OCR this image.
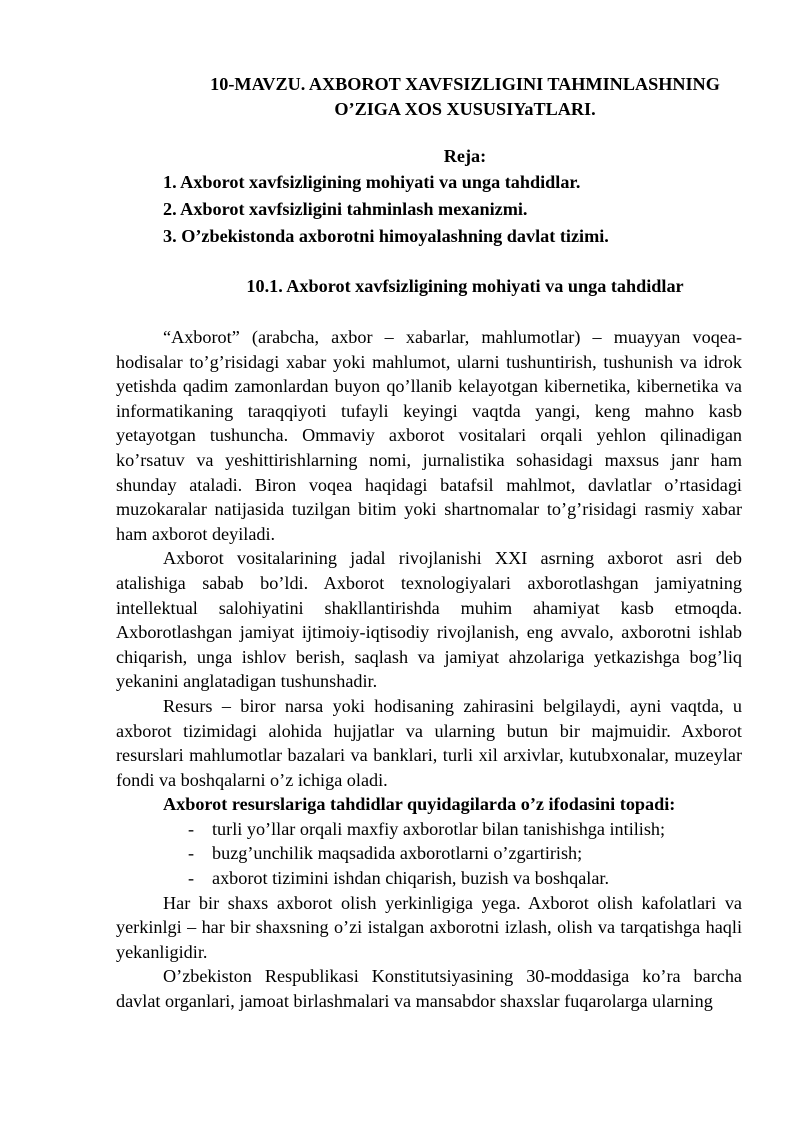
10-MAVZU. AXBOROT XAVFSIZLIGINI TAHMINLASHNING
O’ZIGA XOS XUSUSIYaTLARI.

Reja:

1. Axborot xavfsizligining mohiyati va unga tahdidlar.
2. Axborot xavfsizligini tahminlash mexanizmi.
3. O’zbekistonda axborotni himoyalashning davlat tizimi.

10.1. Axborot xavfsizligining mohiyati va unga tahdidlar

“Axborot” (arabcha, axbor – xabarlar, mahlumotlar) – muayyan voqea-hodisalar to’g’risidagi xabar yoki mahlumot, ularni tushuntirish, tushunish va idrok yetishda qadim zamonlardan buyon qo’llanib kelayotgan kibernetika, kibernetika va informatikaning taraqqiyoti tufayli keyingi vaqtda yangi, keng mahno kasb yetayotgan tushuncha. Ommaviy axborot vositalari orqali yehlon qilinadigan ko’rsatuv va yeshittirishlarning nomi, jurnalistika sohasidagi maxsus janr ham shunday ataladi. Biron voqea haqidagi batafsil mahlmot, davlatlar o’rtasidagi muzokaralar natijasida tuzilgan bitim yoki shartnomalar to’g’risidagi rasmiy xabar ham axborot deyiladi.

Axborot vositalarining jadal rivojlanishi XXI asrning axborot asri deb atalishiga sabab bo’ldi. Axborot texnologiyalari axborotlashgan jamiyatning intellektual salohiyatini shakllantirishda muhim ahamiyat kasb etmoqda. Axborotlashgan jamiyat ijtimoiy-iqtisodiy rivojlanish, eng avvalo, axborotni ishlab chiqarish, unga ishlov berish, saqlash va jamiyat ahzolariga yetkazishga bog’liq yekanini anglatadigan tushunshadir.

Resurs – biror narsa yoki hodisaning zahirasini belgilaydi, ayni vaqtda, u axborot tizimidagi alohida hujjatlar va ularning butun bir majmuidir. Axborot resurslari mahlumotlar bazalari va banklari, turli xil arxivlar, kutubxonalar, muzeylar fondi va boshqalarni o’z ichiga oladi.

Axborot resurslariga tahdidlar quyidagilarda o’z ifodasini topadi:

- turli yo’llar orqali maxfiy axborotlar bilan tanishishga intilish;
- buzg’unchilik maqsadida axborotlarni o’zgartirish;
- axborot tizimini ishdan chiqarish, buzish va boshqalar.

Har bir shaxs axborot olish yerkinligiga yega. Axborot olish kafolatlari va yerkinlgi – har bir shaxsning o’zi istalgan axborotni izlash, olish va tarqatishga haqli yekanligidir.

O’zbekiston Respublikasi Konstitutsiyasining 30-moddasiga ko’ra barcha davlat organlari, jamoat birlashmalari va mansabdor shaxslar fuqarolarga ularning
